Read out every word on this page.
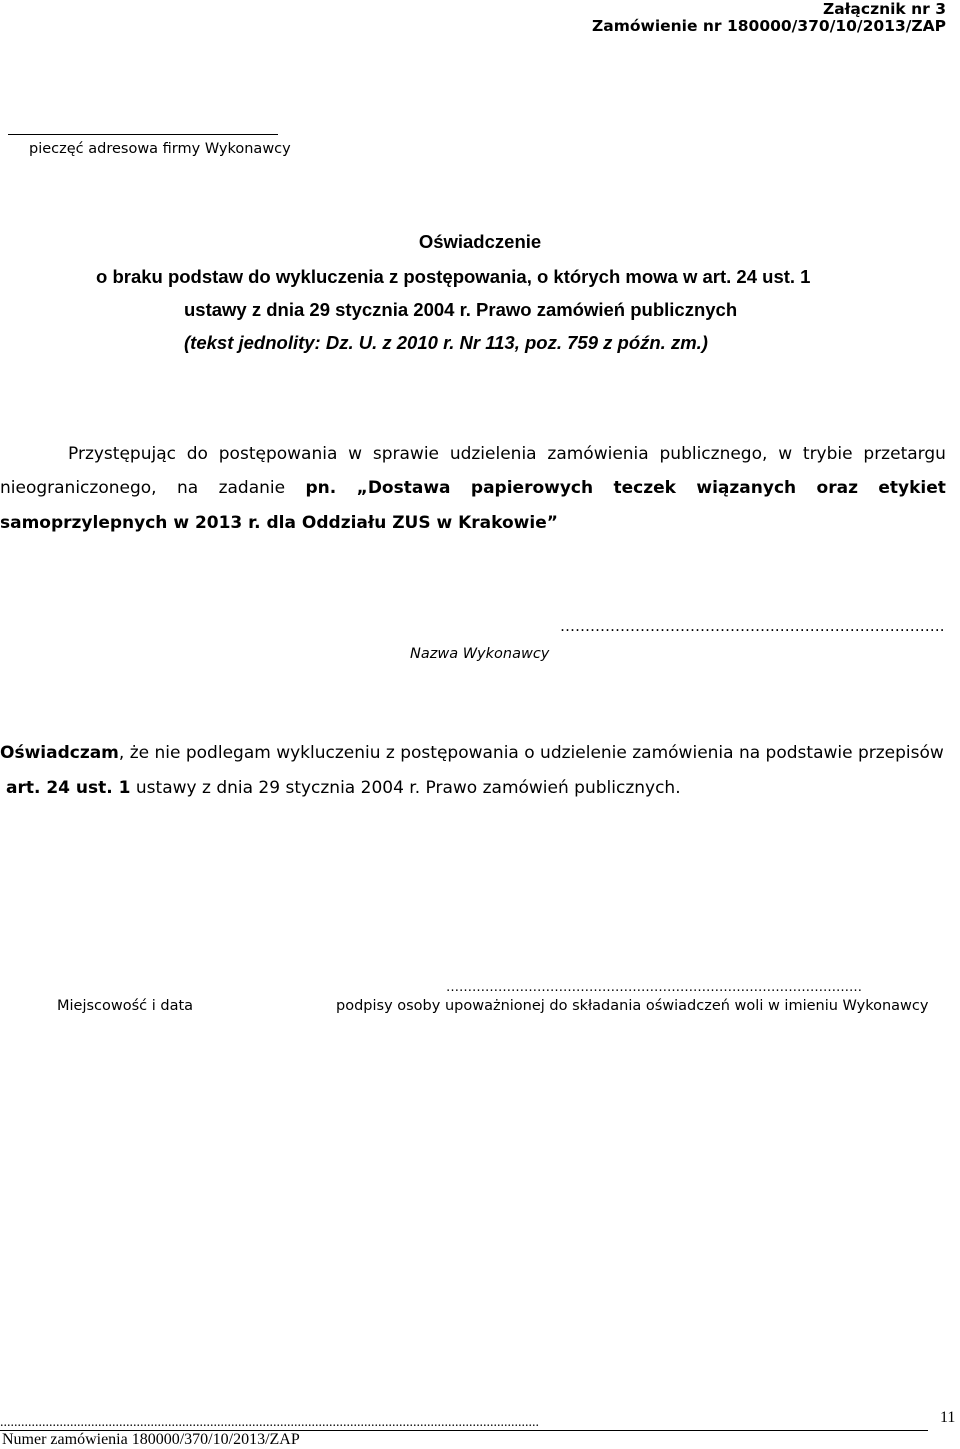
Załącznik nr 3
Zamówienie nr 180000/370/10/2013/ZAP
pieczęć adresowa firmy Wykonawcy
Oświadczenie
o braku podstaw do wykluczenia z postępowania, o których mowa w art. 24 ust. 1
ustawy z dnia 29 stycznia 2004 r. Prawo zamówień publicznych
(tekst jednolity: Dz. U. z 2010 r. Nr 113, poz. 759 z późn. zm.)
Przystępując do postępowania w sprawie udzielenia zamówienia publicznego, w trybie przetargu
nieograniczonego, na zadanie pn. „Dostawa papierowych teczek wiązanych oraz etykiet
samoprzylepnych w 2013 r. dla Oddziału ZUS w Krakowie”
…………………………………….…………………………….
Nazwa Wykonawcy
Oświadczam, że nie podlegam wykluczeniu z postępowania o udzielenie zamówienia na podstawie przepisów
art. 24 ust. 1 ustawy z dnia 29 stycznia 2004 r. Prawo zamówień publicznych.
……………………………………………………………………………………
Miejscowość i data	podpisy osoby upoważnionej do składania oświadczeń woli w imieniu Wykonawcy
..........................................................................................................................................................
Numer zamówienia 180000/370/10/2013/ZAP
11
